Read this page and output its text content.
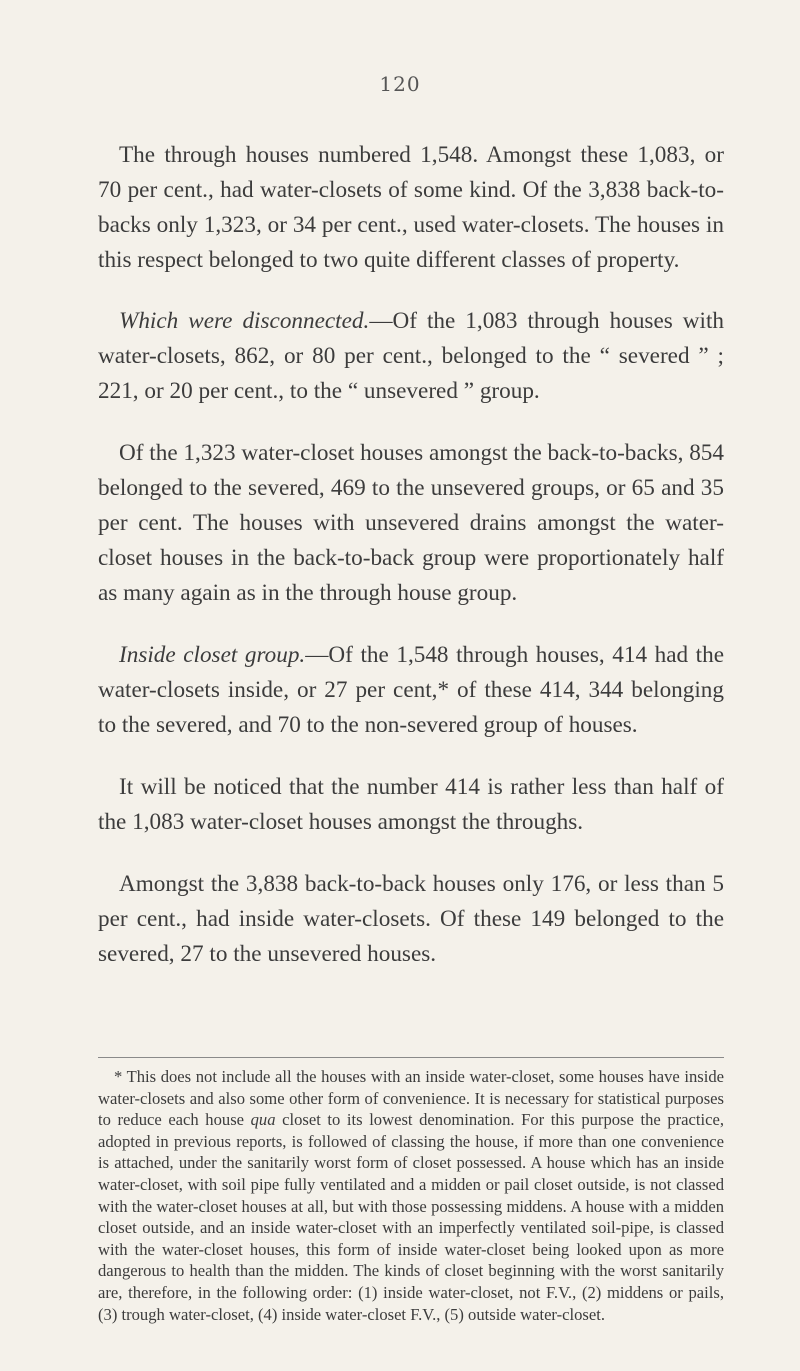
120

The through houses numbered 1,548. Amongst these 1,083, or 70 per cent., had water-closets of some kind. Of the 3,838 back-to-backs only 1,323, or 34 per cent., used water-closets. The houses in this respect belonged to two quite different classes of property.

Which were disconnected.—Of the 1,083 through houses with water-closets, 862, or 80 per cent., belonged to the “ severed ” ; 221, or 20 per cent., to the “ unsevered ” group.

Of the 1,323 water-closet houses amongst the back-to-backs, 854 belonged to the severed, 469 to the unsevered groups, or 65 and 35 per cent. The houses with unsevered drains amongst the water-closet houses in the back-to-back group were proportionately half as many again as in the through house group.

Inside closet group.—Of the 1,548 through houses, 414 had the water-closets inside, or 27 per cent,* of these 414, 344 belonging to the severed, and 70 to the non-severed group of houses.

It will be noticed that the number 414 is rather less than half of the 1,083 water-closet houses amongst the throughs.

Amongst the 3,838 back-to-back houses only 176, or less than 5 per cent., had inside water-closets. Of these 149 belonged to the severed, 27 to the unsevered houses.

* This does not include all the houses with an inside water-closet, some houses have inside water-closets and also some other form of convenience. It is necessary for statistical purposes to reduce each house qua closet to its lowest denomination. For this purpose the practice, adopted in previous reports, is followed of classing the house, if more than one convenience is attached, under the sanitarily worst form of closet possessed. A house which has an inside water-closet, with soil pipe fully ventilated and a midden or pail closet outside, is not classed with the water-closet houses at all, but with those possessing middens. A house with a midden closet outside, and an inside water-closet with an imperfectly ventilated soil-pipe, is classed with the water-closet houses, this form of inside water-closet being looked upon as more dangerous to health than the midden. The kinds of closet beginning with the worst sanitarily are, therefore, in the following order: (1) inside water-closet, not F.V., (2) middens or pails, (3) trough water-closet, (4) inside water-closet F.V., (5) outside water-closet.
